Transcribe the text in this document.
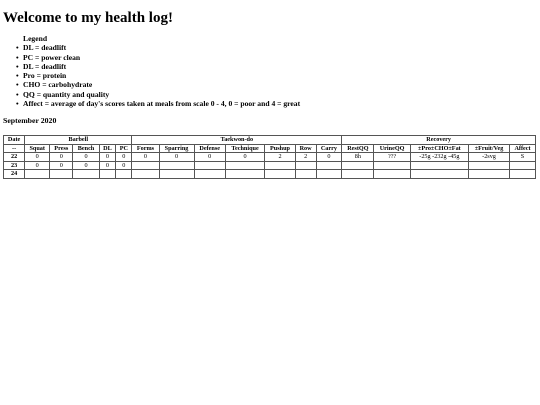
Welcome to my health log!
Legend
• DL = deadlift
• PC = power clean
• DL = deadlift
• Pro = protein
• CHO = carbohydrate
• QQ = quantity and quality
• Affect = average of day's scores taken at meals from scale 0 - 4, 0 = poor and 4 = great
September 2020
Date	Barbell					Taekwon-do							Recovery				
--	Squat	Press	Bench	DL	PC	Forms	Sparring	Defense	Technique	Pushup	Row	Carry	RestQQ	UrineQQ	±Pro±CHO±Fat	±Fruit/Veg	Affect
22	0	0	0	0	0	0	0	0	0	2	2	0	8h	???	-25g -232g -45g	-2svg	S
23	0	0	0	0	0												
24																	
